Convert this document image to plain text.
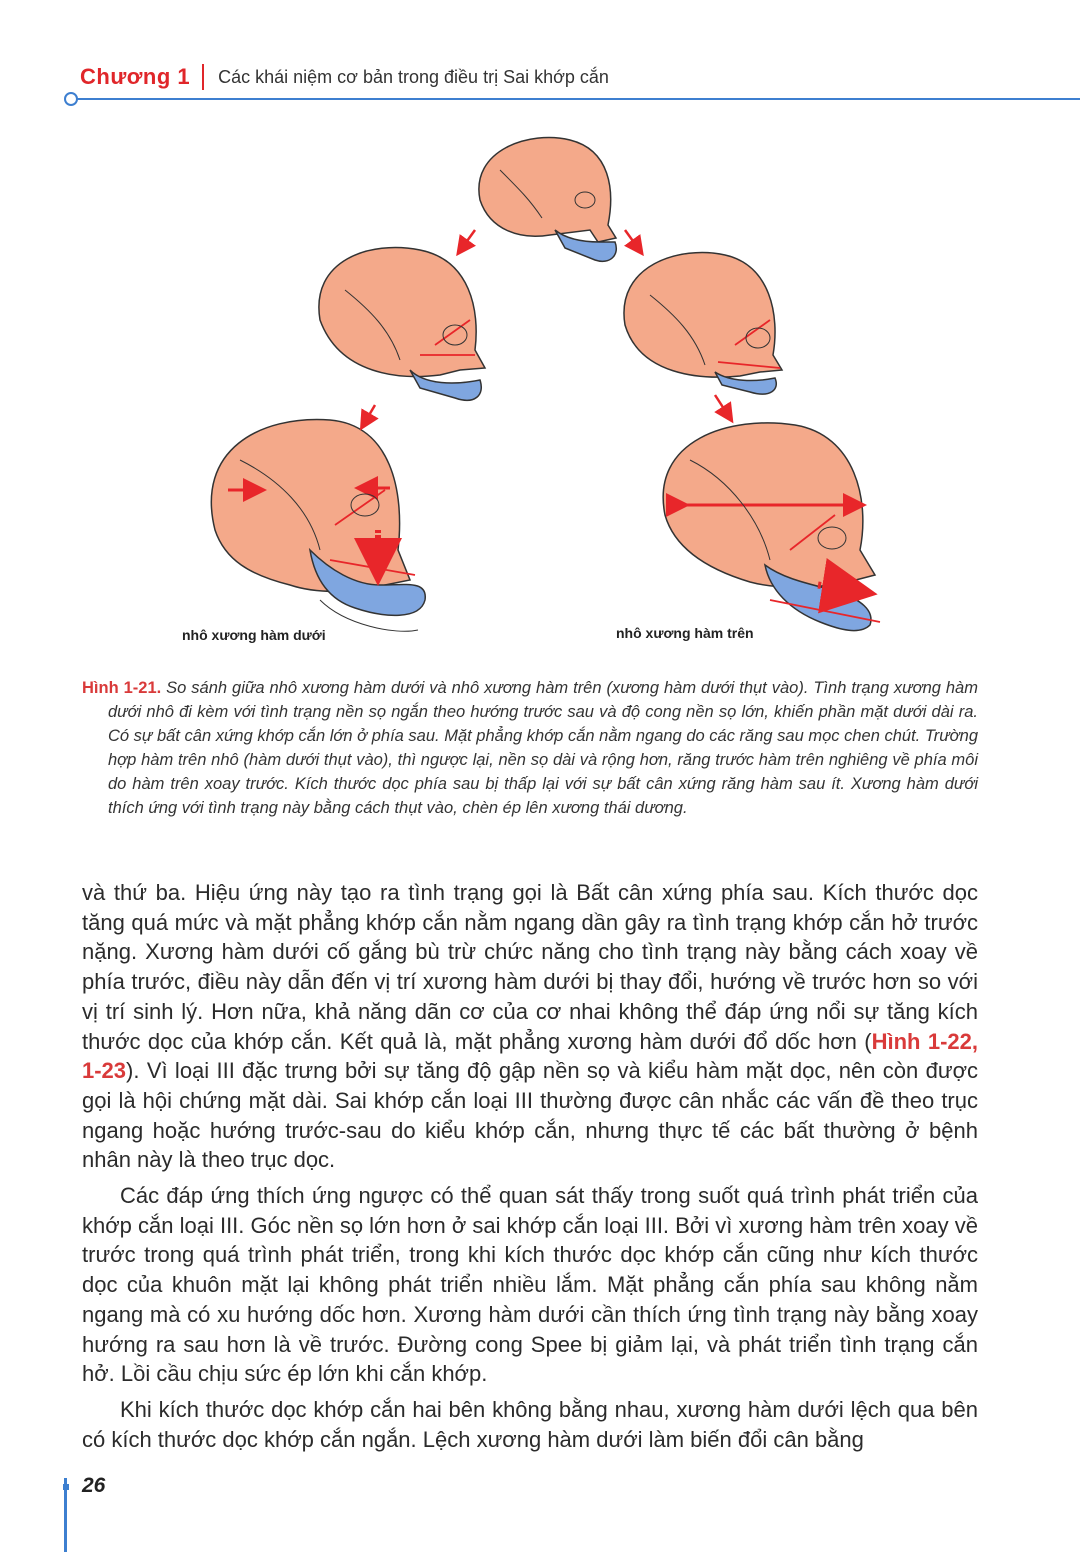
Chương 1 Các khái niệm cơ bản trong điều trị Sai khớp cắn
nhô xương hàm dưới	nhô xương hàm trên

Hình 1-21. So sánh giữa nhô xương hàm dưới và nhô xương hàm trên (xương hàm dưới thụt vào). Tình trạng xương hàm dưới nhô đi kèm với tình trạng nền sọ ngắn theo hướng trước sau và độ cong nền sọ lớn, khiến phần mặt dưới dài ra. Có sự bất cân xứng khớp cắn lớn ở phía sau. Mặt phẳng khớp cắn nằm ngang do các răng sau mọc chen chút. Trường hợp hàm trên nhô (hàm dưới thụt vào), thì ngược lại, nền sọ dài và rộng hơn, răng trước hàm trên nghiêng về phía môi do hàm trên xoay trước. Kích thước dọc phía sau bị thấp lại với sự bất cân xứng răng hàm sau ít. Xương hàm dưới thích ứng với tình trạng này bằng cách thụt vào, chèn ép lên xương thái dương.

và thứ ba. Hiệu ứng này tạo ra tình trạng gọi là Bất cân xứng phía sau. Kích thước dọc tăng quá mức và mặt phẳng khớp cắn nằm ngang dần gây ra tình trạng khớp cắn hở trước nặng. Xương hàm dưới cố gắng bù trừ chức năng cho tình trạng này bằng cách xoay về phía trước, điều này dẫn đến vị trí xương hàm dưới bị thay đổi, hướng về trước hơn so với vị trí sinh lý. Hơn nữa, khả năng dãn cơ của cơ nhai không thể đáp ứng nổi sự tăng kích thước dọc của khớp cắn. Kết quả là, mặt phẳng xương hàm dưới đổ dốc hơn (Hình 1-22, 1-23). Vì loại III đặc trưng bởi sự tăng độ gập nền sọ và kiểu hàm mặt dọc, nên còn được gọi là hội chứng mặt dài. Sai khớp cắn loại III thường được cân nhắc các vấn đề theo trục ngang hoặc hướng trước-sau do kiểu khớp cắn, nhưng thực tế các bất thường ở bệnh nhân này là theo trục dọc.

Các đáp ứng thích ứng ngược có thể quan sát thấy trong suốt quá trình phát triển của khớp cắn loại III. Góc nền sọ lớn hơn ở sai khớp cắn loại III. Bởi vì xương hàm trên xoay về trước trong quá trình phát triển, trong khi kích thước dọc khớp cắn cũng như kích thước dọc của khuôn mặt lại không phát triển nhiều lắm. Mặt phẳng cắn phía sau không nằm ngang mà có xu hướng dốc hơn. Xương hàm dưới cần thích ứng tình trạng này bằng xoay hướng ra sau hơn là về trước. Đường cong Spee bị giảm lại, và phát triển tình trạng cắn hở. Lồi cầu chịu sức ép lớn khi cắn khớp.

Khi kích thước dọc khớp cắn hai bên không bằng nhau, xương hàm dưới lệch qua bên có kích thước dọc khớp cắn ngắn. Lệch xương hàm dưới làm biến đổi cân bằng

26
